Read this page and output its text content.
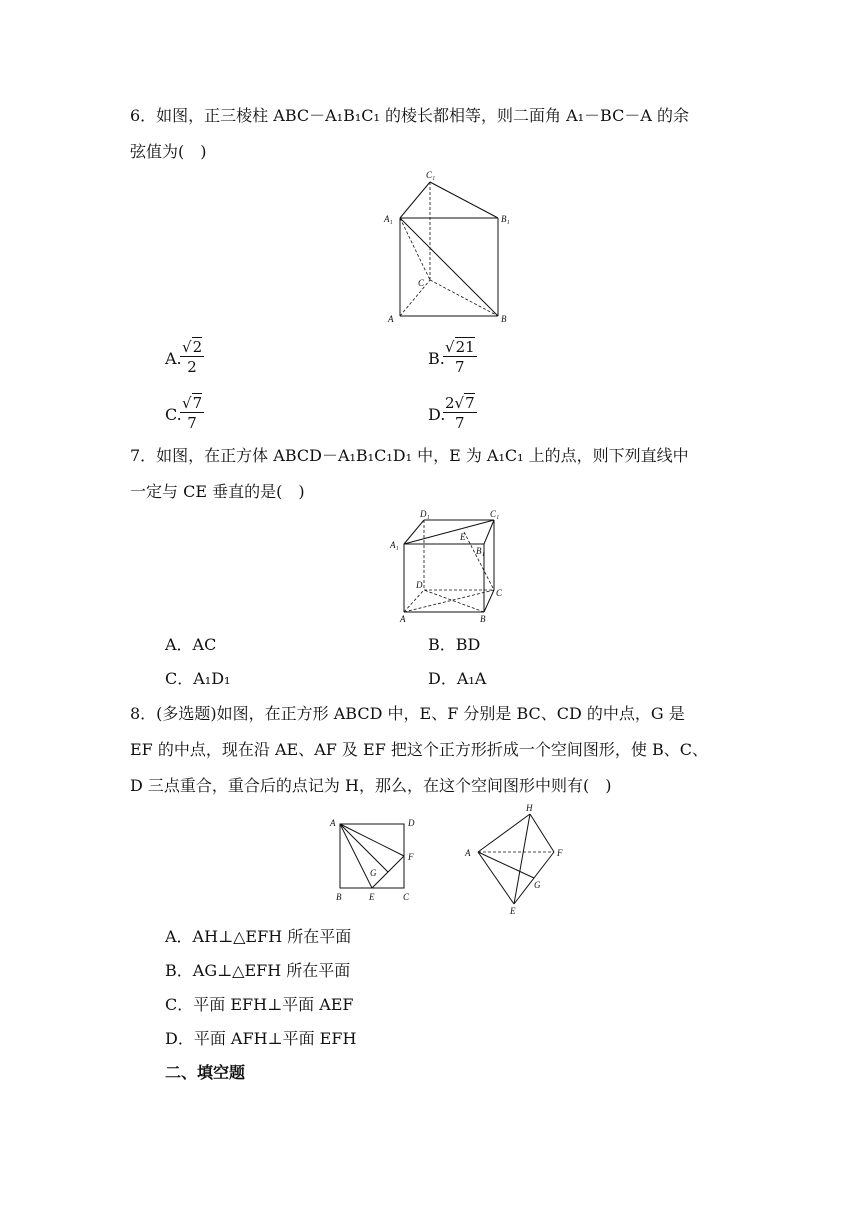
6．如图，正三棱柱 ABC－A₁B₁C₁ 的棱长都相等，则二面角 A₁－BC－A 的余
弦值为(　)
C₁
A₁	B₁
C
A	B
A.
$\frac{√2}{2}$	B.
$\frac{√21}{7}$
C.
$\frac{√7}{7}$	D.
$\frac{2√7}{7}$
7．如图，在正方体 ABCD－A₁B₁C₁D₁ 中，E 为 A₁C₁ 上的点，则下列直线中
一定与 CE 垂直的是(　)
D₁	C₁
A₁
B₁
E
D
C
A	B
A．AC	B．BD
C．A₁D₁	D．A₁A
8．(多选题)如图，在正方形 ABCD 中，E、F 分别是 BC、CD 的中点，G 是
EF 的中点，现在沿 AE、AF 及 EF 把这个正方形折成一个空间图形，使 B、C、
D 三点重合，重合后的点记为 H，那么，在这个空间图形中则有(　)
A	D
F
G
B	E	C
H
A	F
G
E
A．AH⊥△EFH 所在平面
B．AG⊥△EFH 所在平面
C．平面 EFH⊥平面 AEF
D．平面 AFH⊥平面 EFH
二、填空题
